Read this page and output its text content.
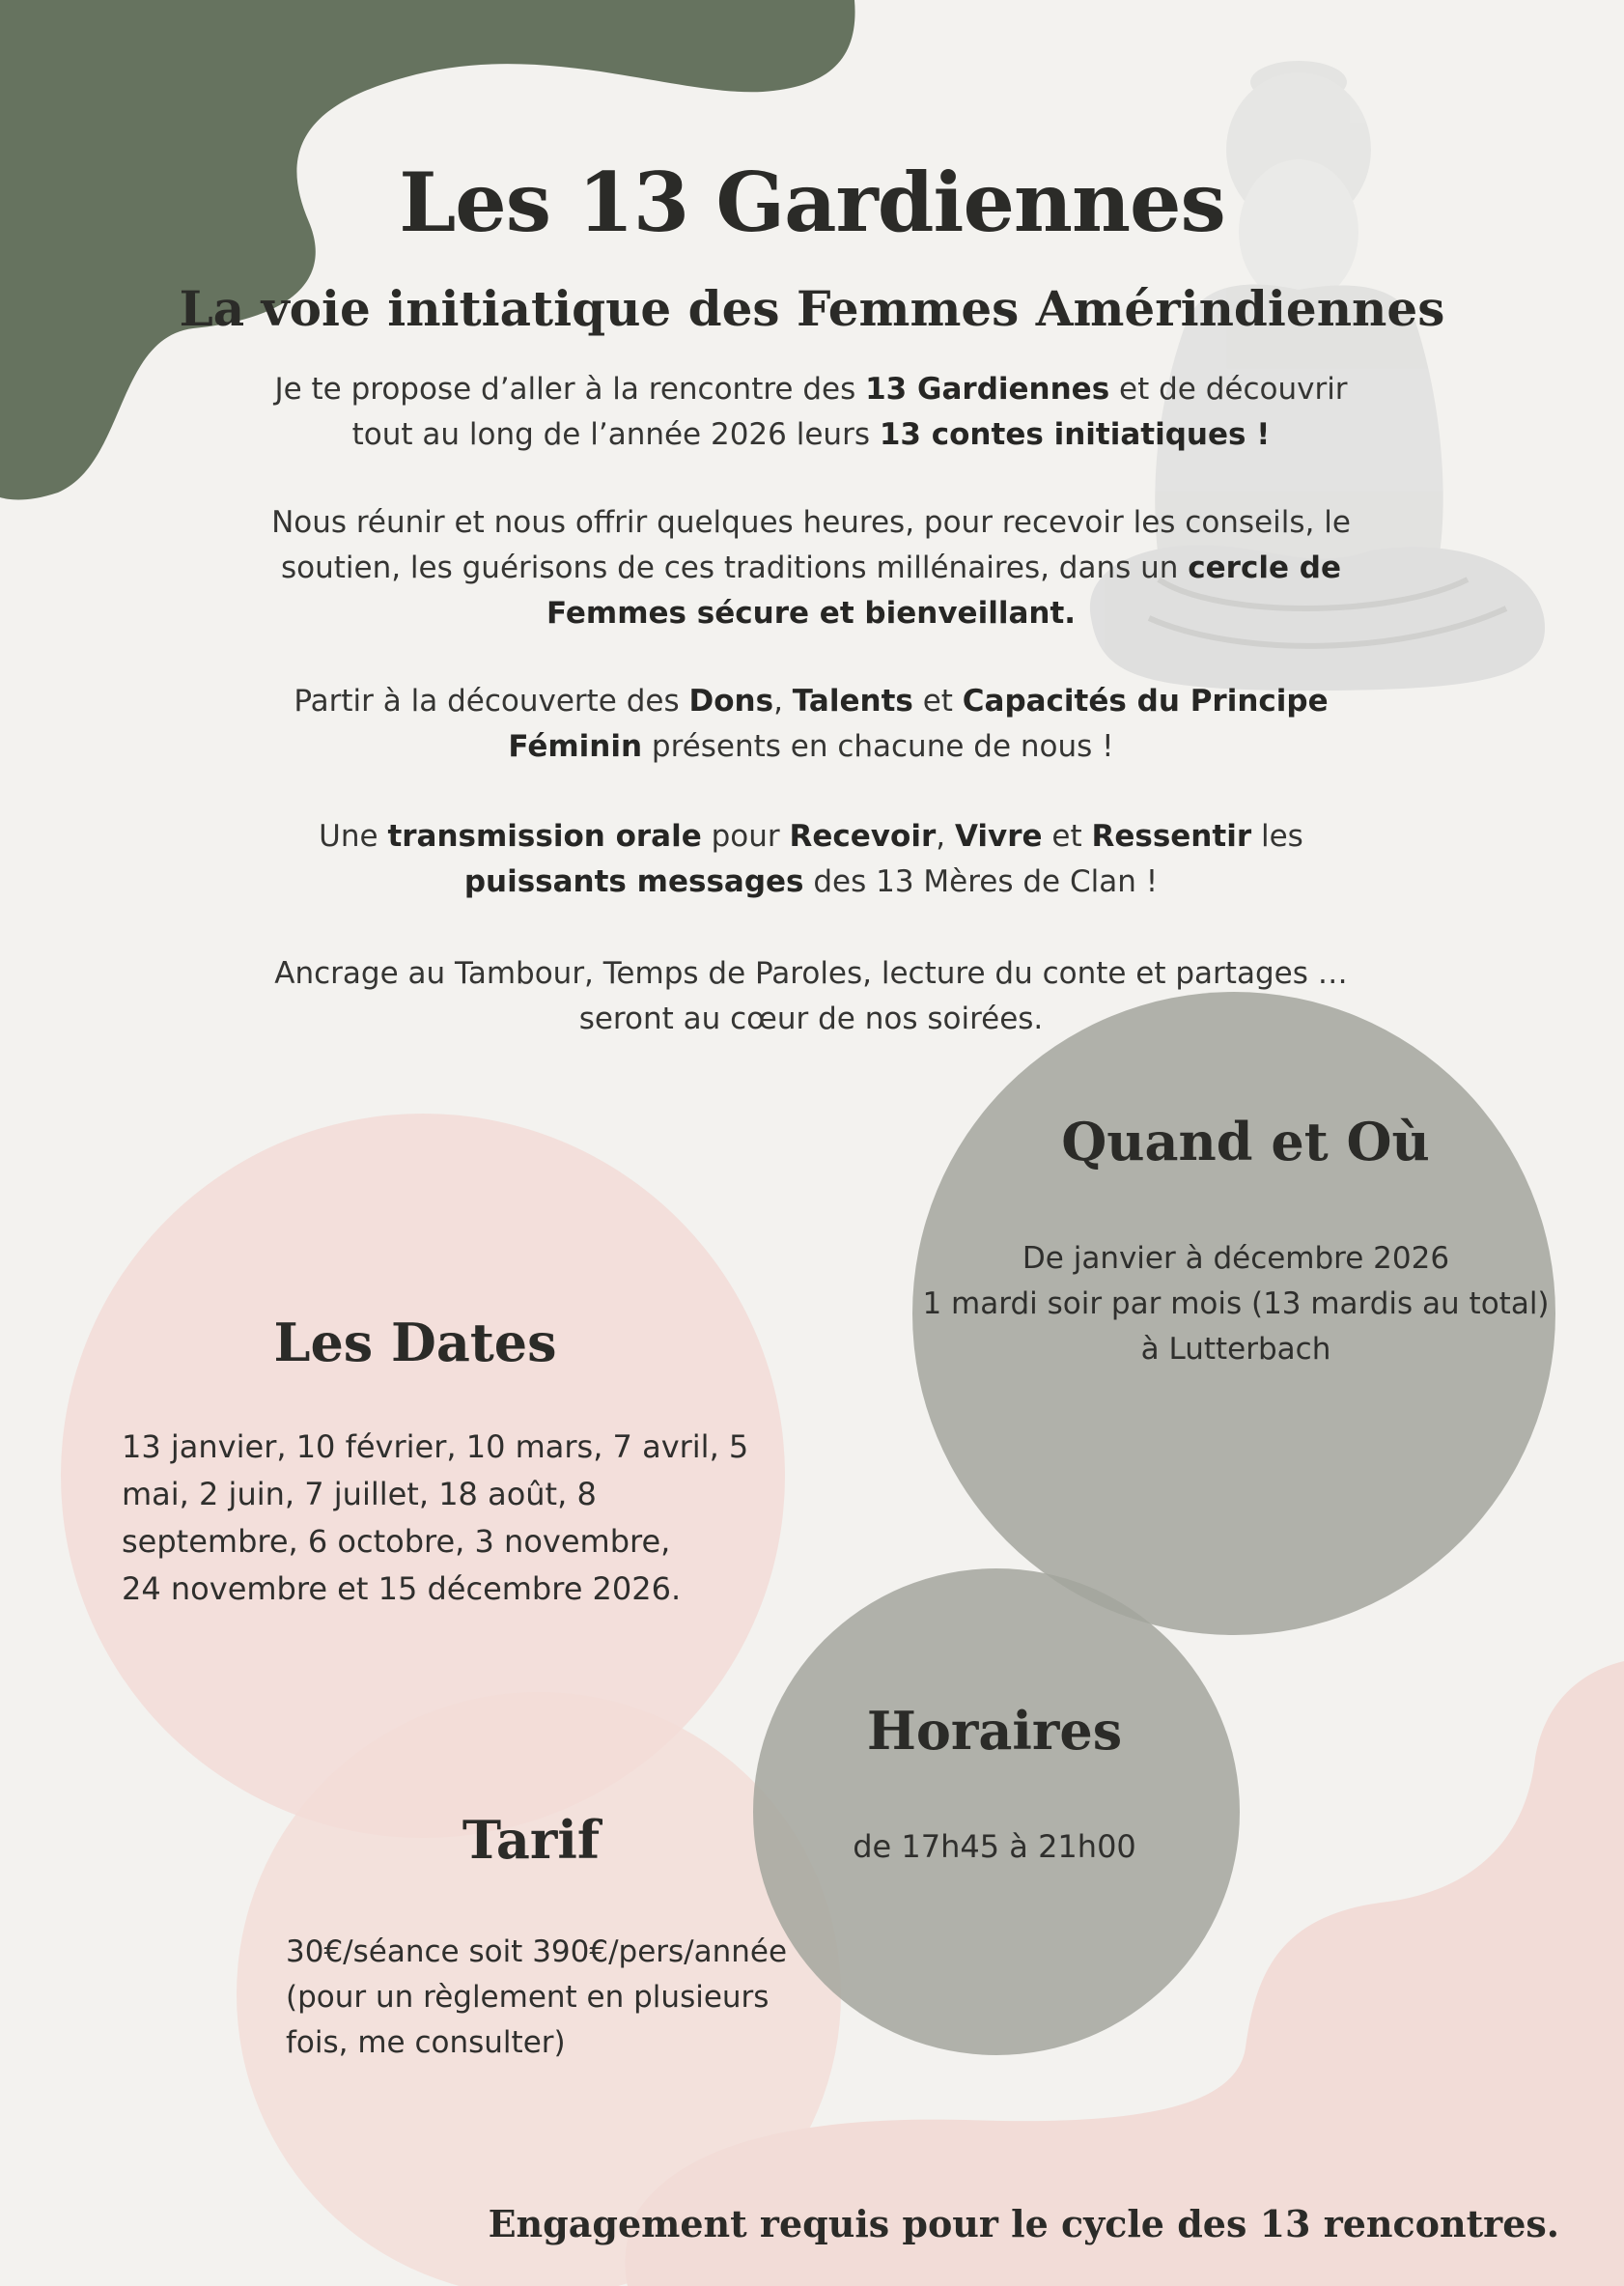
Les 13 Gardiennes
La voie initiatique des Femmes Amérindiennes
Je te propose d’aller à la rencontre des 13 Gardiennes et de découvrir tout au long de l’année 2026 leurs 13 contes initiatiques !
Nous réunir et nous offrir quelques heures, pour recevoir les conseils, le soutien, les guérisons de ces traditions millénaires, dans un cercle de Femmes sécure et bienveillant.
Partir à la découverte des Dons, Talents et Capacités du Principe Féminin présents en chacune de nous !
Une transmission orale pour Recevoir, Vivre et Ressentir les puissants messages des 13 Mères de Clan !
Ancrage au Tambour, Temps de Paroles, lecture du conte et partages … seront au cœur de nos soirées.
Quand et Où
De janvier à décembre 2026
1 mardi soir par mois (13 mardis au total)
à Lutterbach
Les Dates
13 janvier, 10 février, 10 mars, 7 avril, 5
mai, 2 juin, 7 juillet, 18 août, 8
septembre, 6 octobre, 3 novembre,
24 novembre et 15 décembre 2026.
Horaires
de 17h45 à 21h00
Tarif
30€/séance soit 390€/pers/année
(pour un règlement en plusieurs
fois, me consulter)
Engagement requis pour le cycle des 13 rencontres.
